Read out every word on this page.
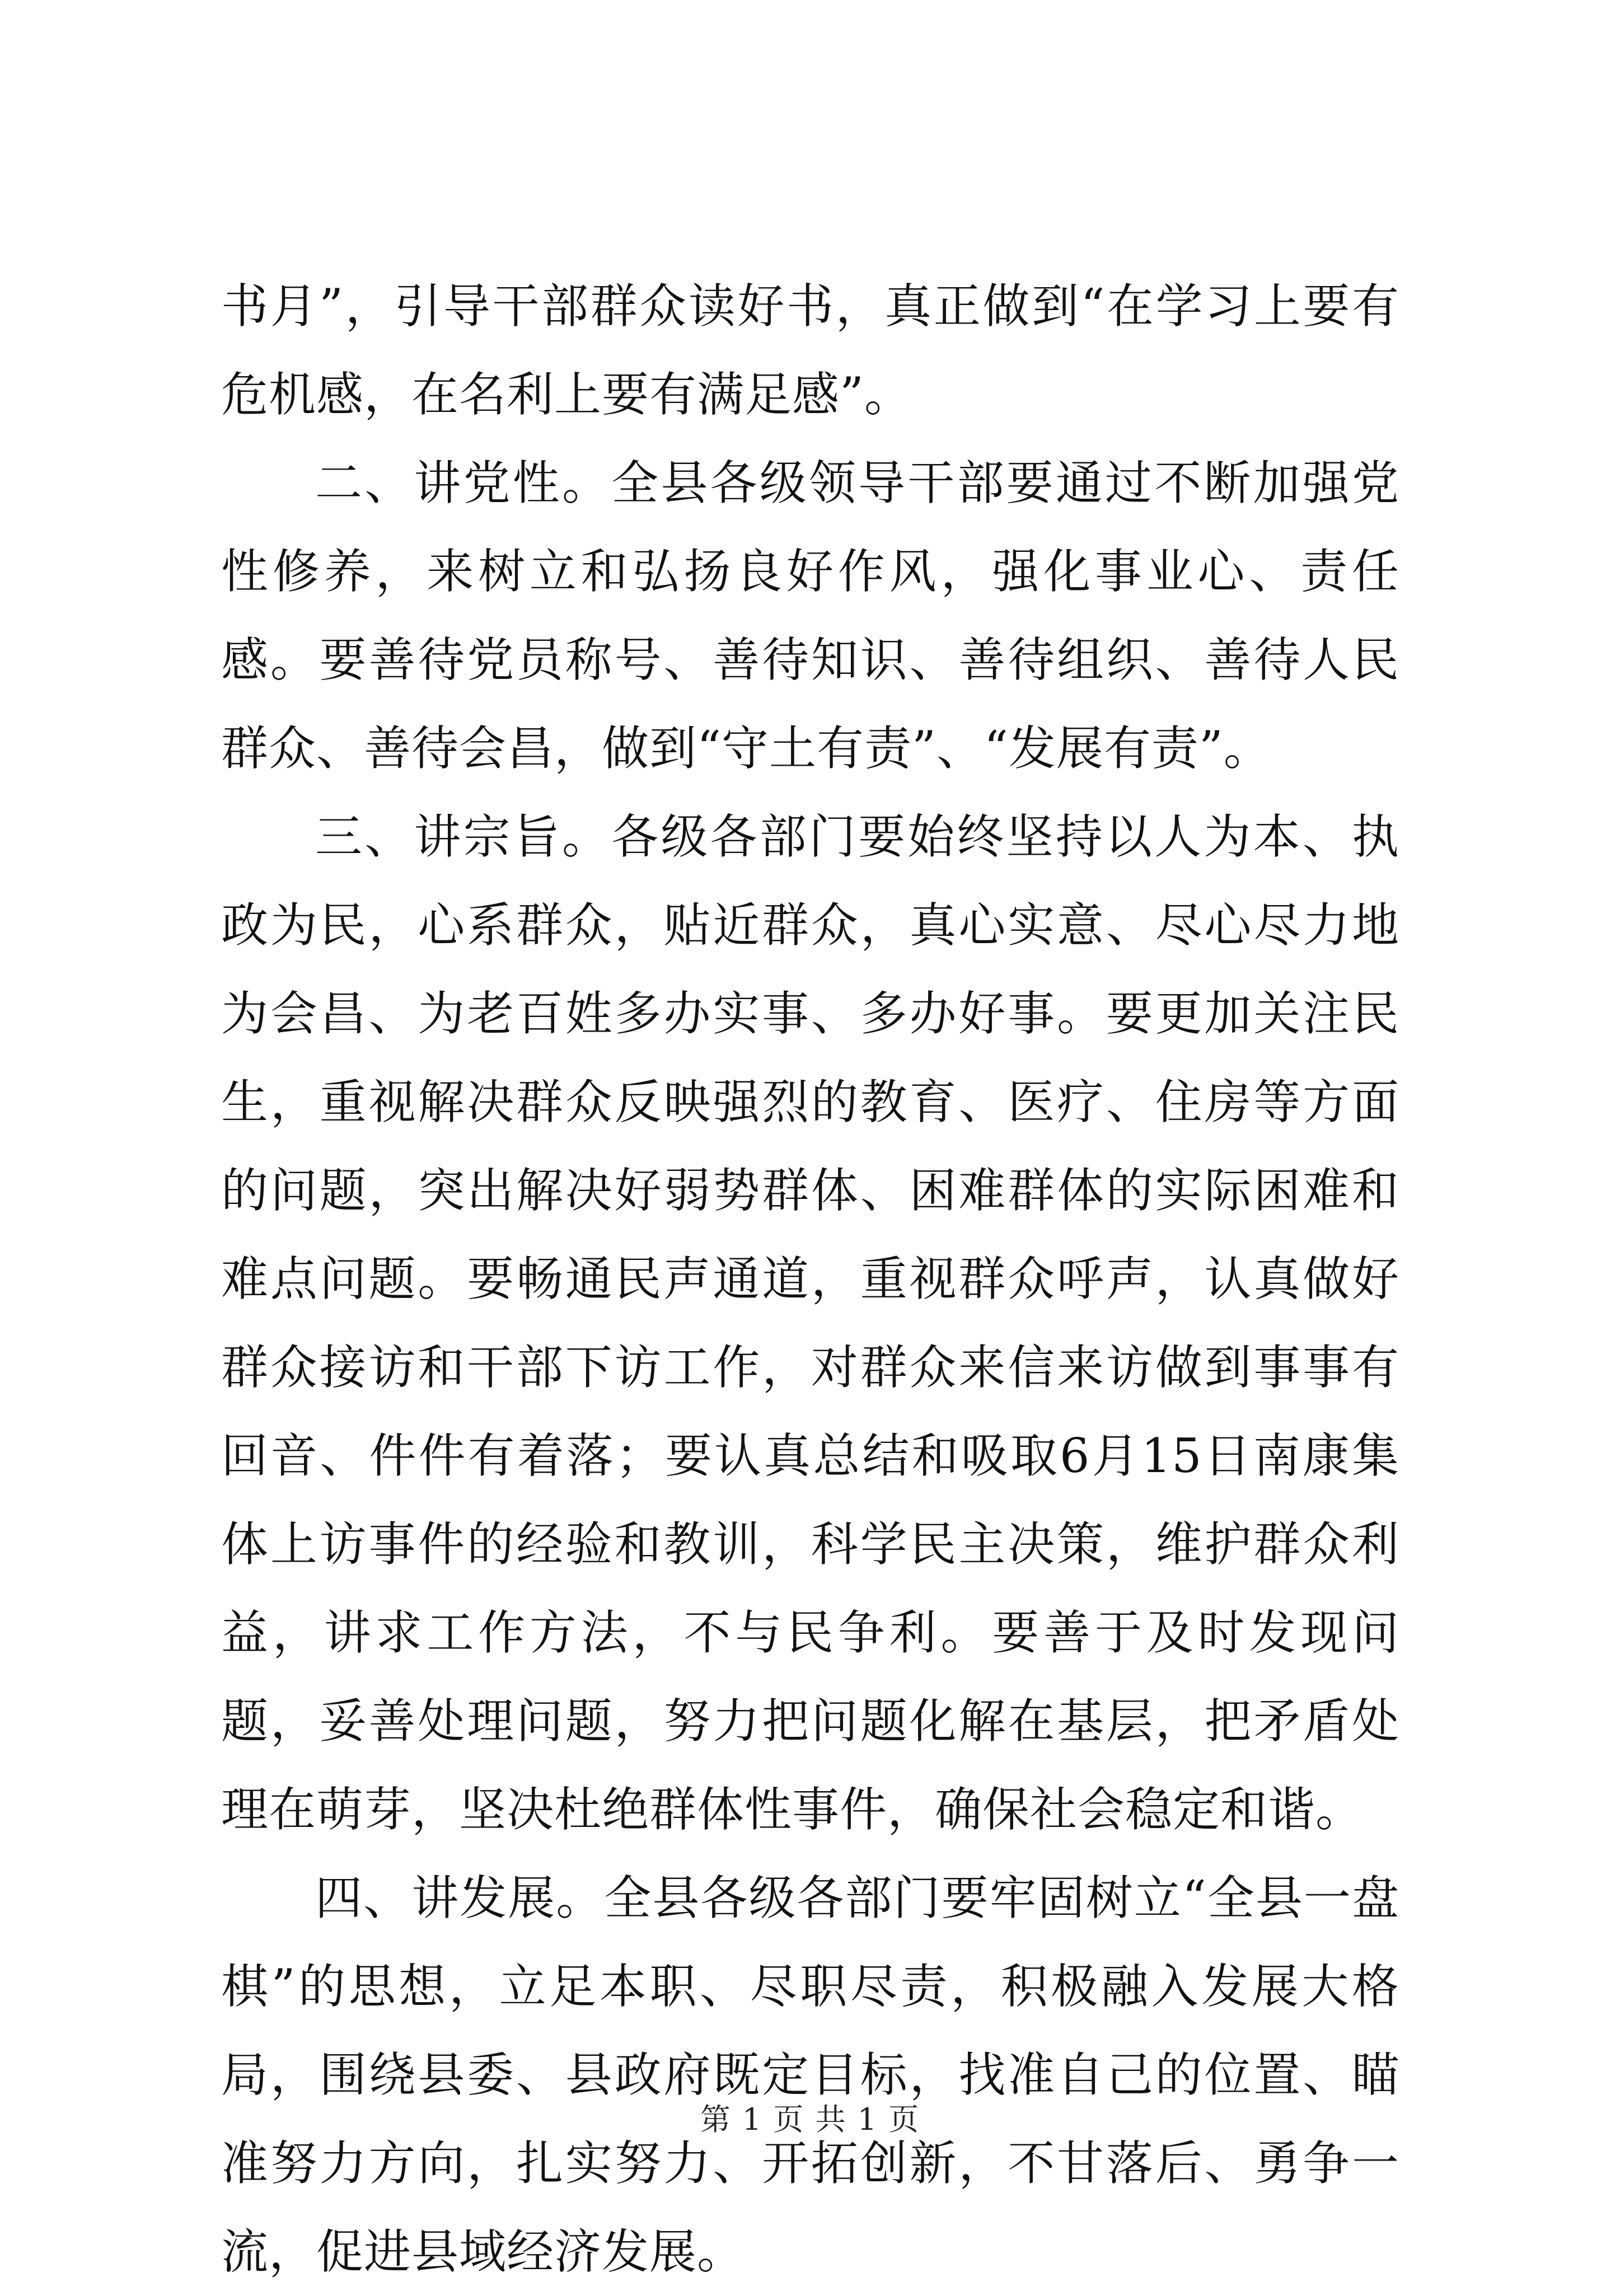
书月”，引导干部群众读好书，真正做到“在学习上要有危机感，在名利上要有满足感”。

二、讲党性。全县各级领导干部要通过不断加强党性修养，来树立和弘扬良好作风，强化事业心、责任感。要善待党员称号、善待知识、善待组织、善待人民群众、善待会昌，做到“守土有责”、“发展有责”。

三、讲宗旨。各级各部门要始终坚持以人为本、执政为民，心系群众，贴近群众，真心实意、尽心尽力地为会昌、为老百姓多办实事、多办好事。要更加关注民生，重视解决群众反映强烈的教育、医疗、住房等方面的问题，突出解决好弱势群体、困难群体的实际困难和难点问题。要畅通民声通道，重视群众呼声，认真做好群众接访和干部下访工作，对群众来信来访做到事事有回音、件件有着落；要认真总结和吸取6月15日南康集体上访事件的经验和教训，科学民主决策，维护群众利益，讲求工作方法，不与民争利。要善于及时发现问题，妥善处理问题，努力把问题化解在基层，把矛盾处理在萌芽，坚决杜绝群体性事件，确保社会稳定和谐。

四、讲发展。全县各级各部门要牢固树立“全县一盘棋”的思想，立足本职、尽职尽责，积极融入发展大格局，围绕县委、县政府既定目标，找准自己的位置、瞄准努力方向，扎实努力、开拓创新，不甘落后、勇争一流，促进县域经济发展。

第 1 页 共 1 页
